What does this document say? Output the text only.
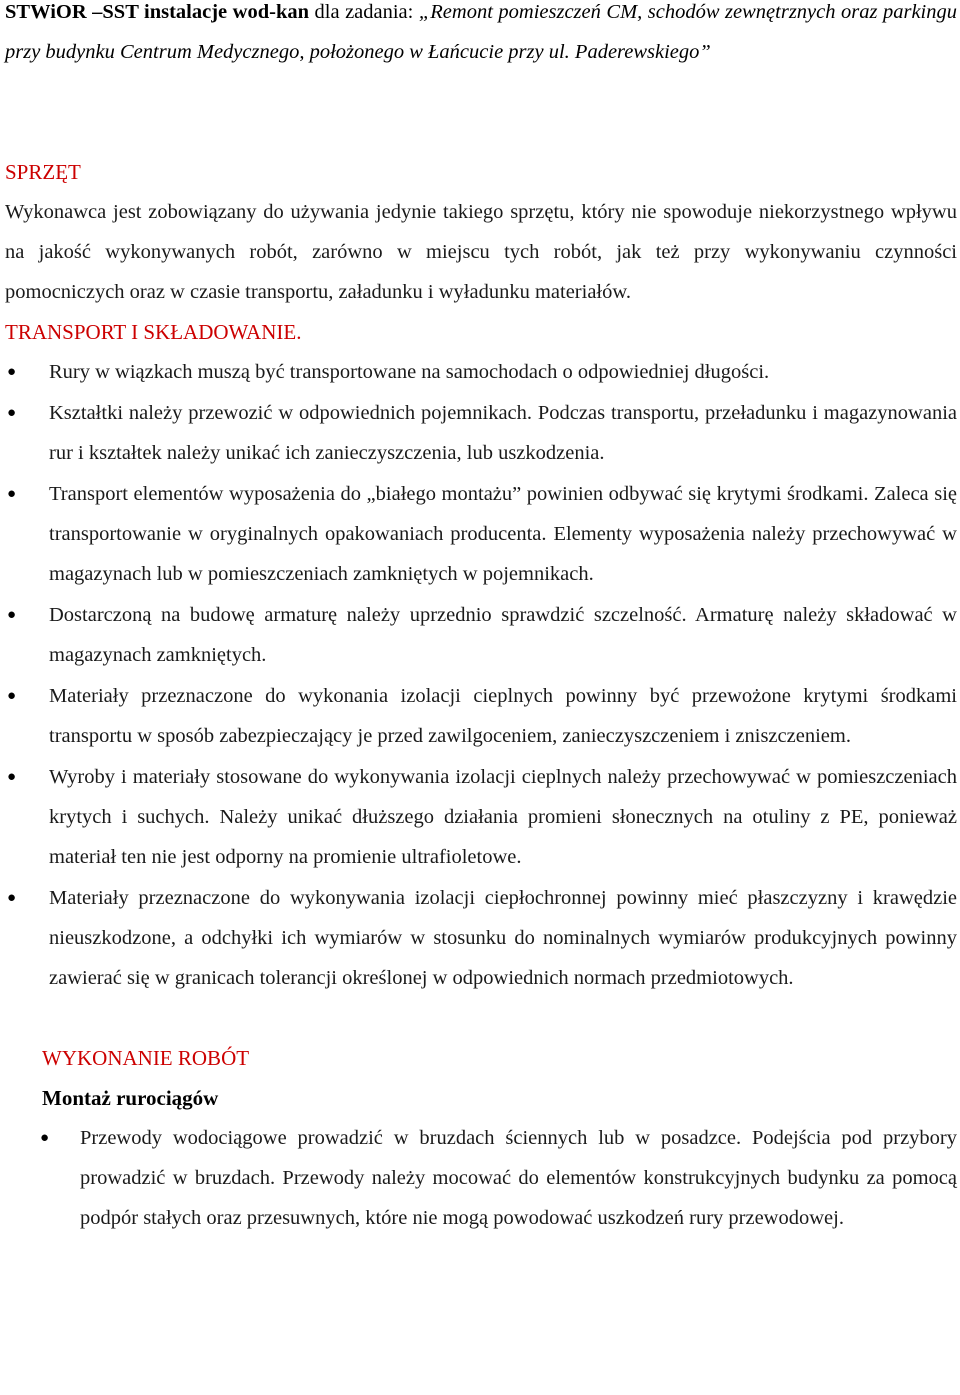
STWiOR –SST instalacje wod-kan dla zadania: „Remont pomieszczeń CM, schodów zewnętrznych oraz parkingu przy budynku Centrum Medycznego, położonego w Łańcucie przy ul. Paderewskiego”
SPRZĘT
Wykonawca jest zobowiązany do używania jedynie takiego sprzętu, który nie spowoduje niekorzystnego wpływu na jakość wykonywanych robót, zarówno w miejscu tych robót, jak też przy wykonywaniu czynności pomocniczych oraz w czasie transportu, załadunku i wyładunku materiałów.
TRANSPORT I SKŁADOWANIE.
● Rury w wiązkach muszą być transportowane na samochodach o odpowiedniej długości.
● Kształtki należy przewozić w odpowiednich pojemnikach. Podczas transportu, przeładunku i magazynowania rur i kształtek należy unikać ich zanieczyszczenia, lub uszkodzenia.
● Transport elementów wyposażenia do „białego montażu” powinien odbywać się krytymi środkami. Zaleca się transportowanie w oryginalnych opakowaniach producenta. Elementy wyposażenia należy przechowywać w magazynach lub w pomieszczeniach zamkniętych w pojemnikach.
● Dostarczoną na budowę armaturę należy uprzednio sprawdzić szczelność. Armaturę należy składować w magazynach zamkniętych.
● Materiały przeznaczone do wykonania izolacji cieplnych powinny być przewożone krytymi środkami transportu w sposób zabezpieczający je przed zawilgoceniem, zanieczyszczeniem i zniszczeniem.
● Wyroby i materiały stosowane do wykonywania izolacji cieplnych należy przechowywać w pomieszczeniach krytych i suchych. Należy unikać dłuższego działania promieni słonecznych na otuliny z PE, ponieważ materiał ten nie jest odporny na promienie ultrafioletowe.
● Materiały przeznaczone do wykonywania izolacji ciepłochronnej powinny mieć płaszczyzny i krawędzie nieuszkodzone, a odchyłki ich wymiarów w stosunku do nominalnych wymiarów produkcyjnych powinny zawierać się w granicach tolerancji określonej w odpowiednich normach przedmiotowych.
WYKONANIE ROBÓT
Montaż rurociągów
● Przewody wodociągowe prowadzić w bruzdach ściennych lub w posadzce. Podejścia pod przybory prowadzić w bruzdach. Przewody należy mocować do elementów konstrukcyjnych budynku za pomocą podpór stałych oraz przesuwnych, które nie mogą powodować uszkodzeń rury przewodowej.
